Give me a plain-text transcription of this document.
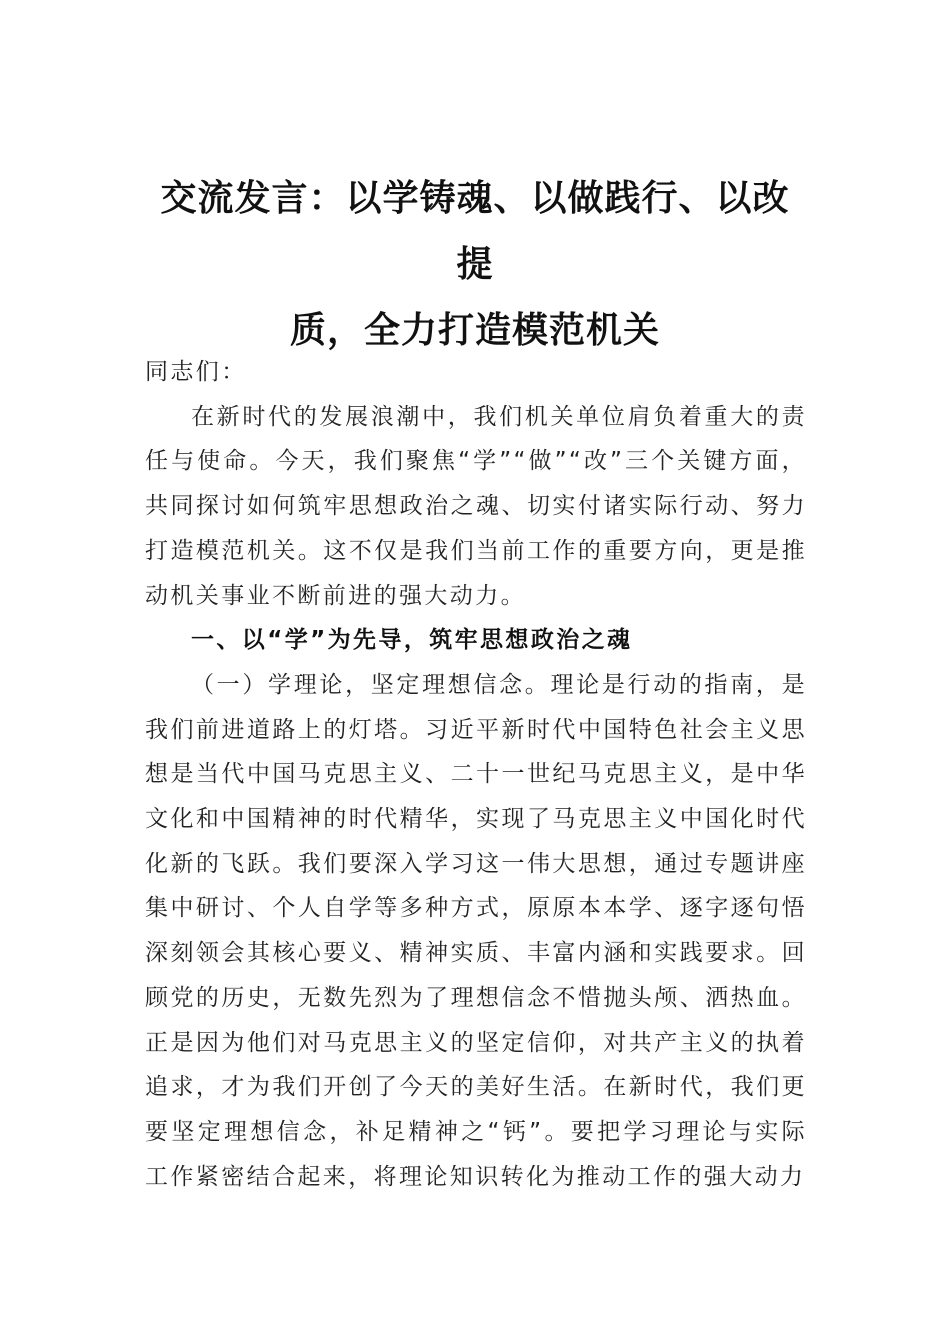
交流发言：以学铸魂、以做践行、以改提
质，全力打造模范机关

同志们：

在新时代的发展浪潮中，我们机关单位肩负着重大的责任与使命。今天，我们聚焦“学”“做”“改”三个关键方面，共同探讨如何筑牢思想政治之魂、切实付诸实际行动、努力打造模范机关。这不仅是我们当前工作的重要方向，更是推动机关事业不断前进的强大动力。

一、以“学”为先导，筑牢思想政治之魂

（一）学理论，坚定理想信念。理论是行动的指南，是我们前进道路上的灯塔。习近平新时代中国特色社会主义思想是当代中国马克思主义、二十一世纪马克思主义，是中华文化和中国精神的时代精华，实现了马克思主义中国化时代化新的飞跃。我们要深入学习这一伟大思想，通过专题讲座集中研讨、个人自学等多种方式，原原本本学、逐字逐句悟深刻领会其核心要义、精神实质、丰富内涵和实践要求。回顾党的历史，无数先烈为了理想信念不惜抛头颅、洒热血。正是因为他们对马克思主义的坚定信仰，对共产主义的执着追求，才为我们开创了今天的美好生活。在新时代，我们更要坚定理想信念，补足精神之“钙”。要把学习理论与实际工作紧密结合起来，将理论知识转化为推动工作的强大动力
